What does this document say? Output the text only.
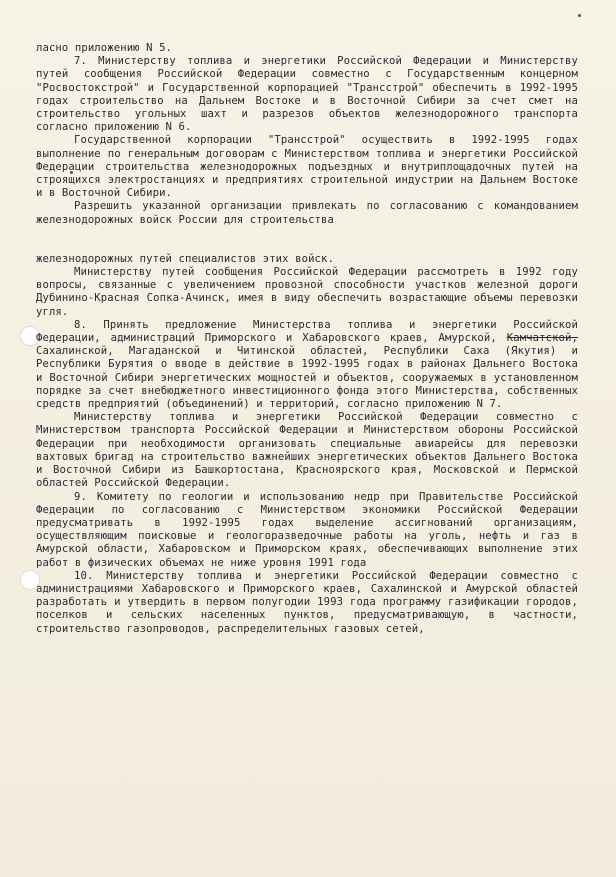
ласно приложению N 5.

7. Министерству топлива и энергетики Российской Федерации и Министерству путей сообщения Российской Федерации совместно с Государственным концерном "Росвостокстрой" и Государственной корпорацией "Трансстрой" обеспечить в 1992-1995 годах строительство на Дальнем Востоке и в Восточной Сибири за счет смет на строительство угольных шахт и разрезов объектов железнодорожного транспорта согласно приложению N 6.

Государственной корпорации "Трансстрой" осуществить в 1992-1995 годах выполнение по генеральным договорам с Министерством топлива и энергетики Российской Федерации строительства железнодорожных подъездных и внутриплощадочных путей на строящихся электростанциях и предприятиях строительной индустрии на Дальнем Востоке и в Восточной Сибири.

Разрешить указанной организации привлекать по согласованию с командованием железнодорожных войск России для строительства

железнодорожных путей специалистов этих войск.

Министерству путей сообщения Российской Федерации рассмотреть в 1992 году вопросы, связанные с увеличением провозной способности участков железной дороги Дубинино-Красная Сопка-Ачинск, имея в виду обеспечить возрастающие объемы перевозки угля.

8. Принять предложение Министерства топлива и энергетики Российской Федерации, администраций Приморского и Хабаровского краев, Амурской, Камчатской, Сахалинской, Магаданской и Читинской областей, Республики Саха (Якутия) и Республики Бурятия о вводе в действие в 1992-1995 годах в районах Дальнего Востока и Восточной Сибири энергетических мощностей и объектов, сооружаемых в установленном порядке за счет внебюджетного инвестиционного фонда этого Министерства, собственных средств предприятий (объединений) и территорий, согласно приложению N 7.

Министерству топлива и энергетики Российской Федерации совместно с Министерством транспорта Российской Федерации и Министерством обороны Российской Федерации при необходимости организовать специальные авиарейсы для перевозки вахтовых бригад на строительство важнейших энергетических объектов Дальнего Востока и Восточной Сибири из Башкортостана, Красноярского края, Московской и Пермской областей Российской Федерации.

9. Комитету по геологии и использованию недр при Правительстве Российской Федерации по согласованию с Министерством экономики Российской Федерации предусматривать в 1992-1995 годах выделение ассигнований организациям, осуществляющим поисковые и геологоразведочные работы на уголь, нефть и газ в Амурской области, Хабаровском и Приморском краях, обеспечивающих выполнение этих работ в физических объемах не ниже уровня 1991 года

10. Министерству топлива и энергетики Российской Федерации совместно с администрациями Хабаровского и Приморского краев, Сахалинской и Амурской областей разработать и утвердить в первом полугодии 1993 года программу газификации городов, поселков и сельских населенных пунктов, предусматривающую, в частности, строительство газопроводов, распределительных газовых сетей,
